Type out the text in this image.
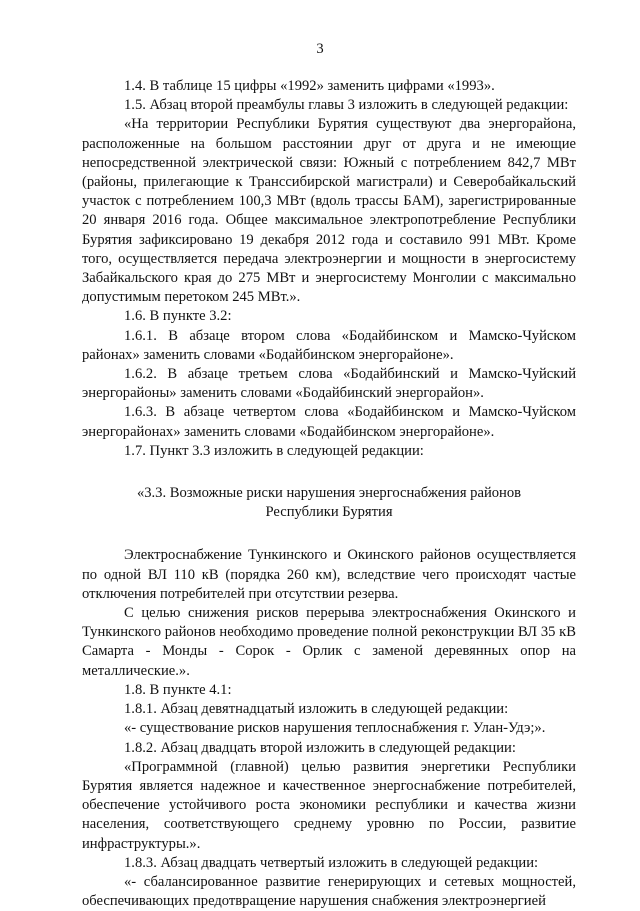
3

1.4. В таблице 15 цифры «1992» заменить цифрами «1993».

1.5. Абзац второй преамбулы главы 3 изложить в следующей редакции:

«На территории Республики Бурятия существуют два энергорайона, расположенные на большом расстоянии друг от друга и не имеющие непосредственной электрической связи: Южный с потреблением 842,7 МВт (районы, прилегающие к Транссибирской магистрали) и Северобайкальский участок с потреблением 100,3 МВт (вдоль трассы БАМ), зарегистрированные 20 января 2016 года. Общее максимальное электропотребление Республики Бурятия зафиксировано 19 декабря 2012 года и составило 991 МВт. Кроме того, осуществляется передача электроэнергии и мощности в энергосистему Забайкальского края до 275 МВт и энергосистему Монголии с максимально допустимым перетоком 245 МВт.».

1.6. В пункте 3.2:

1.6.1. В абзаце втором слова «Бодайбинском и Мамско-Чуйском районах» заменить словами «Бодайбинском энергорайоне».

1.6.2. В абзаце третьем слова «Бодайбинский и Мамско-Чуйский энергорайоны» заменить словами «Бодайбинский энергорайон».

1.6.3. В абзаце четвертом слова «Бодайбинском и Мамско-Чуйском энергорайонах» заменить словами «Бодайбинском энергорайоне».

1.7. Пункт 3.3 изложить в следующей редакции:

«3.3. Возможные риски нарушения энергоснабжения районов
Республики Бурятия

Электроснабжение Тункинского и Окинского районов осуществляется по одной ВЛ 110 кВ (порядка 260 км), вследствие чего происходят частые отключения потребителей при отсутствии резерва.

С целью снижения рисков перерыва электроснабжения Окинского и Тункинского районов необходимо проведение полной реконструкции ВЛ 35 кВ Самарта - Монды - Сорок - Орлик с заменой деревянных опор на металлические.».

1.8. В пункте 4.1:

1.8.1. Абзац девятнадцатый изложить в следующей редакции:

«- существование рисков нарушения теплоснабжения г. Улан-Удэ;».

1.8.2. Абзац двадцать второй изложить в следующей редакции:

«Программной (главной) целью развития энергетики Республики Бурятия является надежное и качественное энергоснабжение потребителей, обеспечение устойчивого роста экономики республики и качества жизни населения, соответствующего среднему уровню по России, развитие инфраструктуры.».

1.8.3. Абзац двадцать четвертый изложить в следующей редакции:

«- сбалансированное развитие генерирующих и сетевых мощностей, обеспечивающих предотвращение нарушения снабжения электроэнергией
